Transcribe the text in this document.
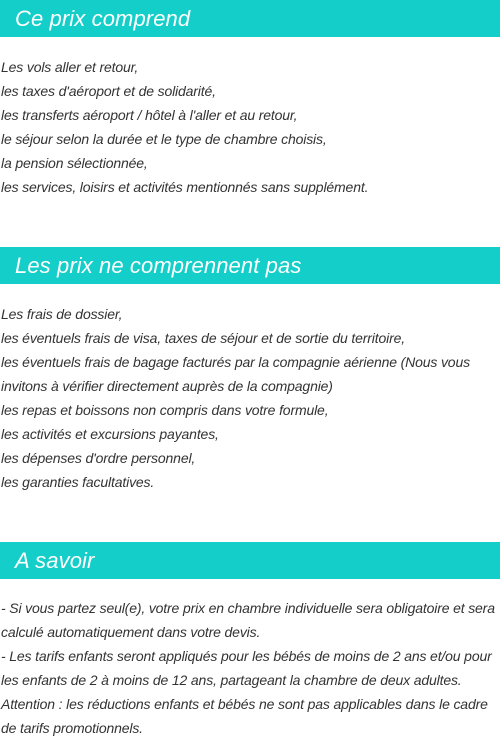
Ce prix comprend
Les vols aller et retour,
les taxes d'aéroport et de solidarité,
les transferts aéroport / hôtel à l'aller et au retour,
le séjour selon la durée et le type de chambre choisis,
la pension sélectionnée,
les services, loisirs et activités mentionnés sans supplément.
Les prix ne comprennent pas
Les frais de dossier,
les éventuels frais de visa, taxes de séjour et de sortie du territoire,
les éventuels frais de bagage facturés par la compagnie aérienne (Nous vous invitons à vérifier directement auprès de la compagnie)
les repas et boissons non compris dans votre formule,
les activités et excursions payantes,
les dépenses d'ordre personnel,
les garanties facultatives.
A savoir
- Si vous partez seul(e), votre prix en chambre individuelle sera obligatoire et sera calculé automatiquement dans votre devis.
- Les tarifs enfants seront appliqués pour les bébés de moins de 2 ans et/ou pour les enfants de 2 à moins de 12 ans, partageant la chambre de deux adultes.
Attention : les réductions enfants et bébés ne sont pas applicables dans le cadre de tarifs promotionnels.
